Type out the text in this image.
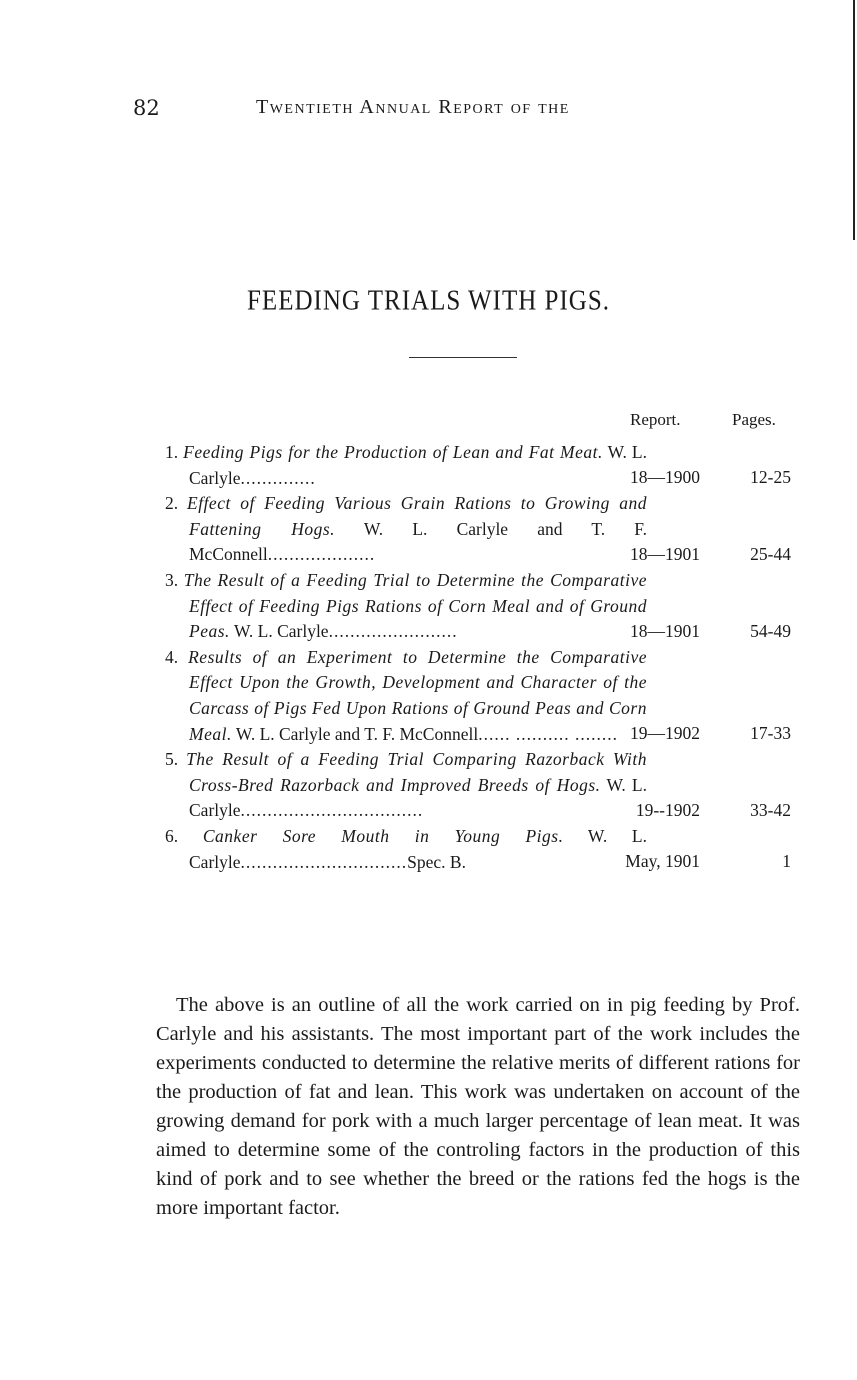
82	Twentieth Annual Report of the
FEEDING TRIALS WITH PIGS.
Report.	Pages.
1. Feeding Pigs for the Production of Lean and Fat Meat. W. L. Carlyle..............	18—1900	12-25
2. Effect of Feeding Various Grain Rations to Growing and Fattening Hogs. W. L. Carlyle and T. F. McConnell....................	18—1901	25-44
3. The Result of a Feeding Trial to Determine the Comparative Effect of Feeding Pigs Rations of Corn Meal and of Ground Peas. W. L. Carlyle........................	18—1901	54-49
4. Results of an Experiment to Determine the Comparative Effect Upon the Growth, Development and Character of the Carcass of Pigs Fed Upon Rations of Ground Peas and Corn Meal. W. L. Carlyle and T. F. McConnell...... .......... ........ 19—1902	17-33
5. The Result of a Feeding Trial Comparing Razorback With Cross-Bred Razorback and Improved Breeds of Hogs. W. L. Carlyle..................................	19--1902	33-42
6. Canker Sore Mouth in Young Pigs. W. L. Carlyle...............................Spec. B.	May, 1901	1

The above is an outline of all the work carried on in pig feeding by Prof. Carlyle and his assistants. The most important part of the work includes the experiments conducted to determine the relative merits of different rations for the production of fat and lean. This work was undertaken on account of the growing demand for pork with a much larger percentage of lean meat. It was aimed to determine some of the controling factors in the production of this kind of pork and to see whether the breed or the rations fed the hogs is the more important factor.
